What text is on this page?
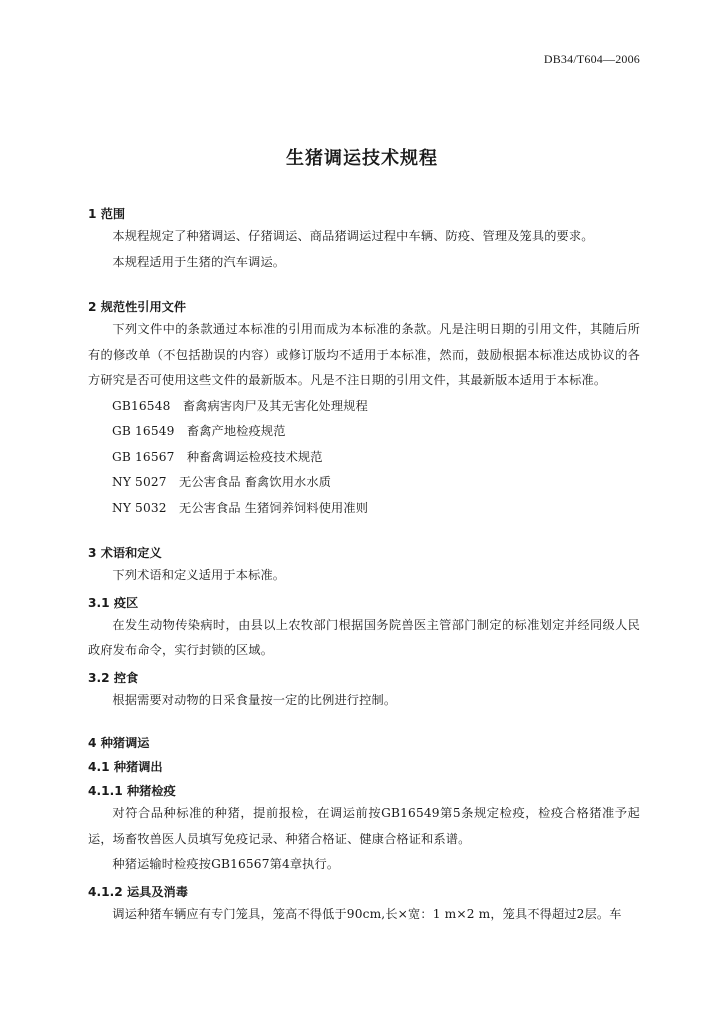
DB34/T604—2006
生猪调运技术规程

1 范围

本规程规定了种猪调运、仔猪调运、商品猪调运过程中车辆、防疫、管理及笼具的要求。

本规程适用于生猪的汽车调运。

2 规范性引用文件

下列文件中的条款通过本标准的引用而成为本标准的条款。凡是注明日期的引用文件，其随后所有的修改单（不包括勘误的内容）或修订版均不适用于本标准，然而，鼓励根据本标准达成协议的各方研究是否可使用这些文件的最新版本。凡是不注日期的引用文件，其最新版本适用于本标准。

GB16548　畜禽病害肉尸及其无害化处理规程

GB 16549　畜禽产地检疫规范

GB 16567　种畜禽调运检疫技术规范

NY 5027　无公害食品 畜禽饮用水水质

NY 5032　无公害食品 生猪饲养饲料使用准则

3 术语和定义

下列术语和定义适用于本标准。

3.1 疫区

在发生动物传染病时，由县以上农牧部门根据国务院兽医主管部门制定的标准划定并经同级人民政府发布命令，实行封锁的区域。

3.2 控食

根据需要对动物的日采食量按一定的比例进行控制。

4 种猪调运

4.1 种猪调出

4.1.1 种猪检疫

对符合品种标准的种猪，提前报检，在调运前按GB16549第5条规定检疫，检疫合格猪准予起运，场畜牧兽医人员填写免疫记录、种猪合格证、健康合格证和系谱。

种猪运输时检疫按GB16567第4章执行。

4.1.2 运具及消毒

调运种猪车辆应有专门笼具，笼高不得低于90cm,长×宽：1 m×2 m，笼具不得超过2层。车
